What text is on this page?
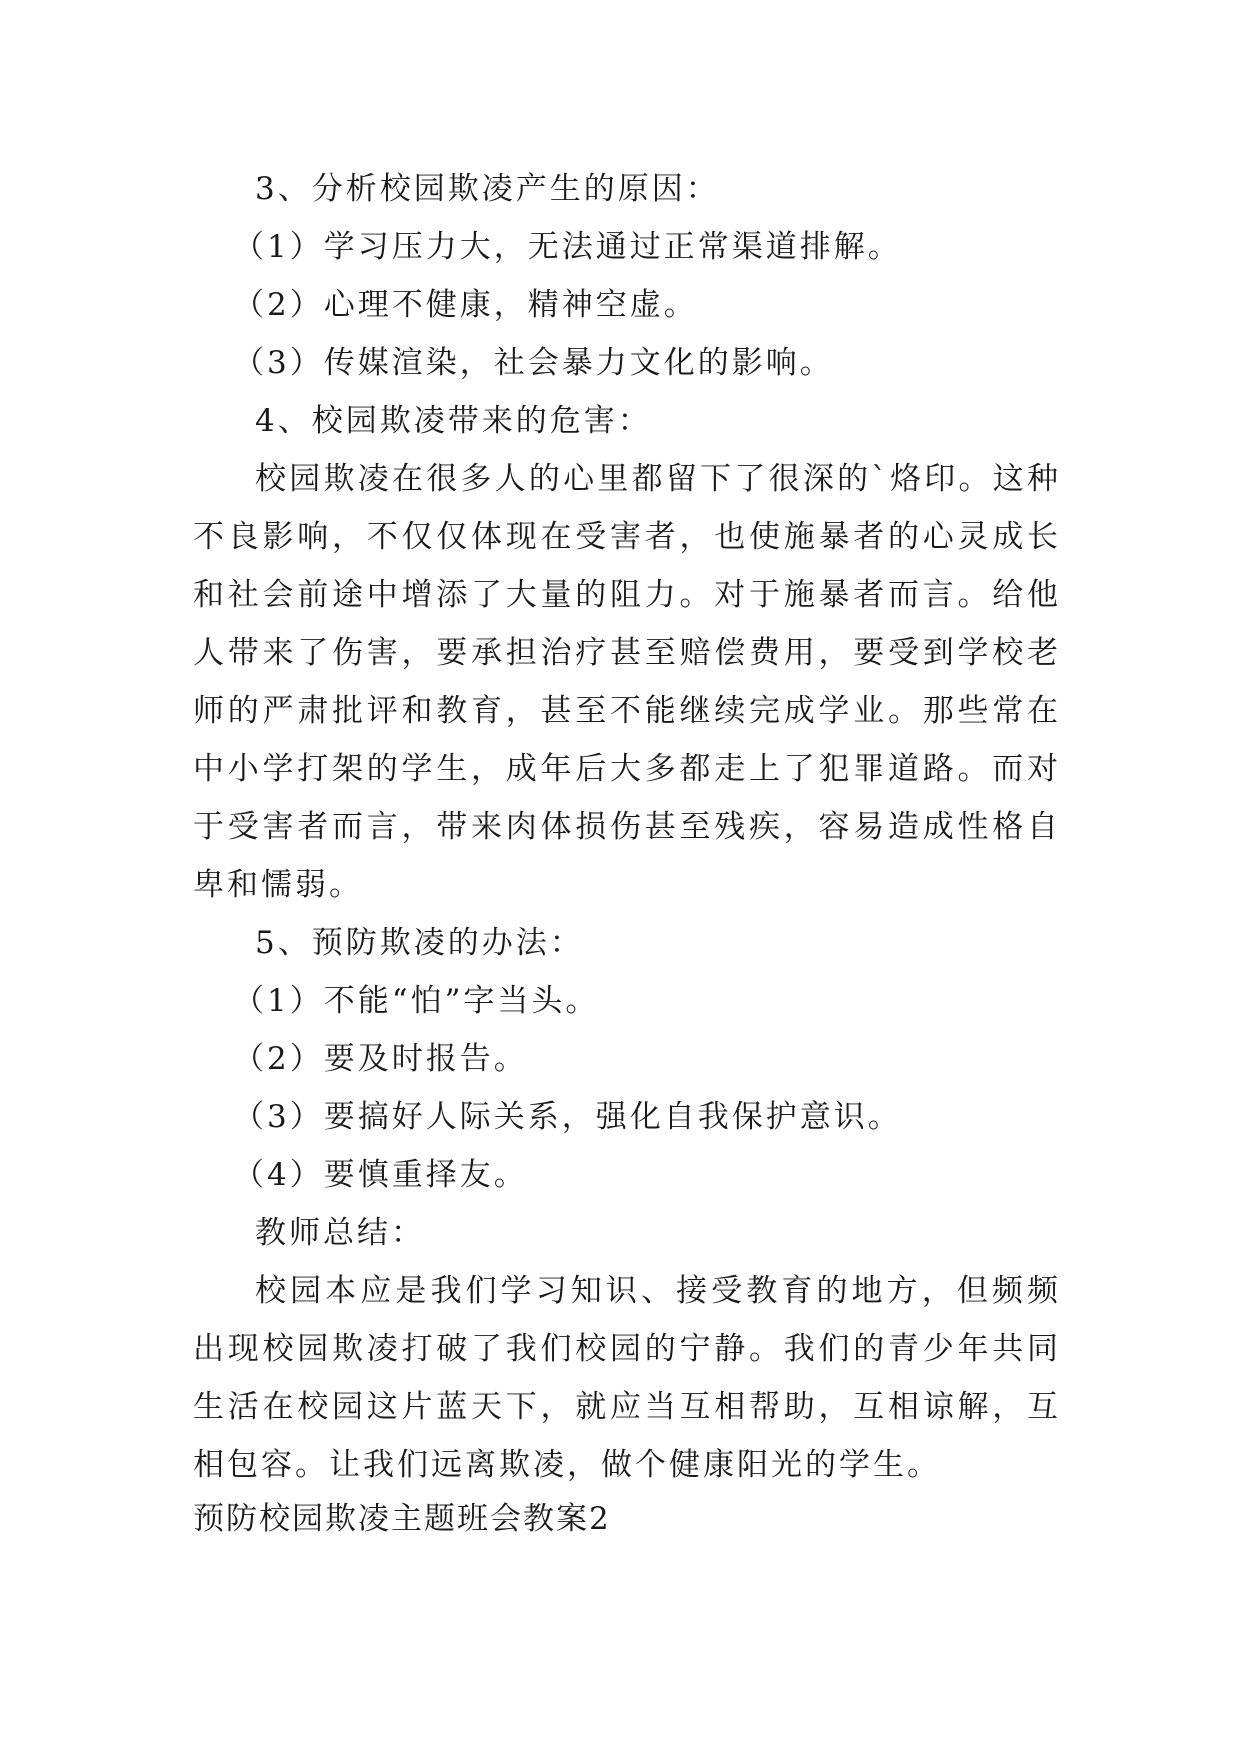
3、分析校园欺凌产生的原因：

（1）学习压力大，无法通过正常渠道排解。

（2）心理不健康，精神空虚。

（3）传媒渲染，社会暴力文化的影响。

4、校园欺凌带来的危害：

校园欺凌在很多人的心里都留下了很深的`烙印。这种不良影响，不仅仅体现在受害者，也使施暴者的心灵成长和社会前途中增添了大量的阻力。对于施暴者而言。给他人带来了伤害，要承担治疗甚至赔偿费用，要受到学校老师的严肃批评和教育，甚至不能继续完成学业。那些常在中小学打架的学生，成年后大多都走上了犯罪道路。而对于受害者而言，带来肉体损伤甚至残疾，容易造成性格自卑和懦弱。

5、预防欺凌的办法：

（1）不能“怕”字当头。

（2）要及时报告。

（3）要搞好人际关系，强化自我保护意识。

（4）要慎重择友。

教师总结：

校园本应是我们学习知识、接受教育的地方，但频频出现校园欺凌打破了我们校园的宁静。我们的青少年共同生活在校园这片蓝天下，就应当互相帮助，互相谅解，互相包容。让我们远离欺凌，做个健康阳光的学生。

预防校园欺凌主题班会教案2
